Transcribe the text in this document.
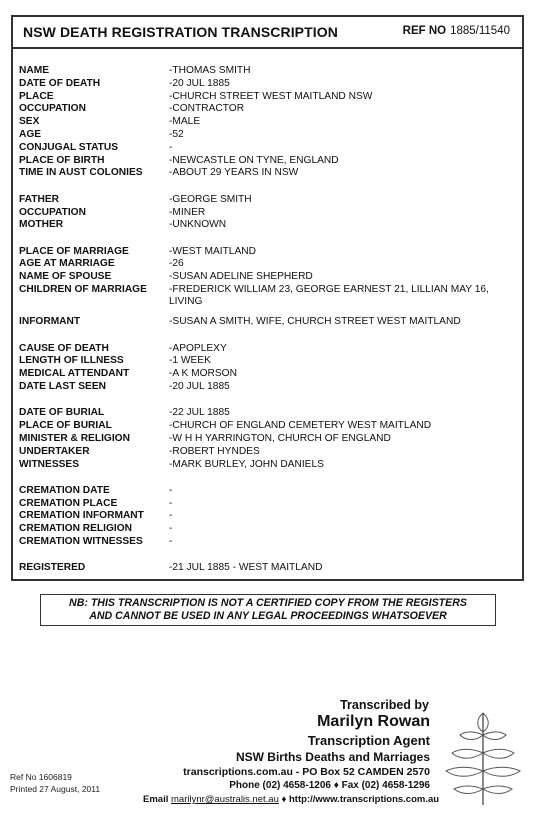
NSW DEATH REGISTRATION TRANSCRIPTION	REF NO 1885/11540
NAME	-THOMAS SMITH
DATE OF DEATH	-20 JUL 1885
PLACE	-CHURCH STREET WEST MAITLAND NSW
OCCUPATION	-CONTRACTOR
SEX	-MALE
AGE	-52
CONJUGAL STATUS	-
PLACE OF BIRTH	-NEWCASTLE ON TYNE, ENGLAND
TIME IN AUST COLONIES	-ABOUT 29 YEARS IN NSW
FATHER	-GEORGE SMITH
OCCUPATION	-MINER
MOTHER	-UNKNOWN
PLACE OF MARRIAGE	-WEST MAITLAND
AGE AT MARRIAGE	-26
NAME OF SPOUSE	-SUSAN ADELINE SHEPHERD
CHILDREN OF MARRIAGE	-FREDERICK WILLIAM 23, GEORGE EARNEST 21, LILLIAN MAY 16,
LIVING
INFORMANT	-SUSAN A SMITH, WIFE, CHURCH STREET WEST MAITLAND
CAUSE OF DEATH	-APOPLEXY
LENGTH OF ILLNESS	-1 WEEK
MEDICAL ATTENDANT	-A K MORSON
DATE LAST SEEN	-20 JUL 1885
DATE OF BURIAL	-22 JUL 1885
PLACE OF BURIAL	-CHURCH OF ENGLAND CEMETERY WEST MAITLAND
MINISTER & RELIGION	-W H H YARRINGTON, CHURCH OF ENGLAND
UNDERTAKER	-ROBERT HYNDES
WITNESSES	-MARK BURLEY, JOHN DANIELS
CREMATION DATE	-
CREMATION PLACE	-
CREMATION INFORMANT	-
CREMATION RELIGION	-
CREMATION WITNESSES	-
REGISTERED	-21 JUL 1885 - WEST MAITLAND
NB: THIS TRANSCRIPTION IS NOT A CERTIFIED COPY FROM THE REGISTERS
AND CANNOT BE USED IN ANY LEGAL PROCEEDINGS WHATSOEVER
Transcribed by
Marilyn Rowan
Transcription Agent
NSW Births Deaths and Marriages
transcriptions.com.au - PO Box 52 CAMDEN 2570
Phone (02) 4658-1206 ♦ Fax (02) 4658-1296
Email marilynr@australis.net.au ♦ http://www.transcriptions.com.au
Ref No 1606819
Printed 27 August, 2011
